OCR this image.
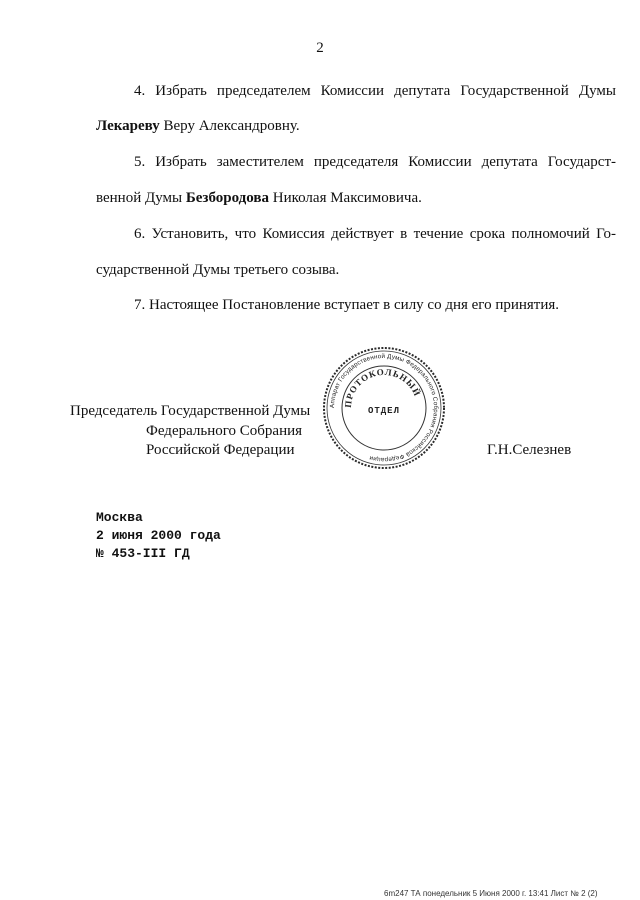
2
4. Избрать председателем Комиссии депутата Государственной Думы
Лекареву Веру Александровну.
5. Избрать заместителем председателя Комиссии депутата Государст-
венной Думы Безбородова Николая Максимовича.
6. Установить, что Комиссия действует в течение срока полномочий Го-
сударственной Думы третьего созыва.
7. Настоящее Постановление вступает в силу со дня его принятия.
Председатель Государственной Думы
Федерального Собрания
Российской Федерации	Г.Н.Селезнев
Аппарат Государственной Думы Федерального Собрания Российской Федерации
ПРОТОКОЛЬНЫЙ
ОТДЕЛ
Москва
2 июня 2000 года
№ 453-III ГД
6m247 ТА понедельник 5 Июня 2000 г. 13:41 Лист № 2 (2)
